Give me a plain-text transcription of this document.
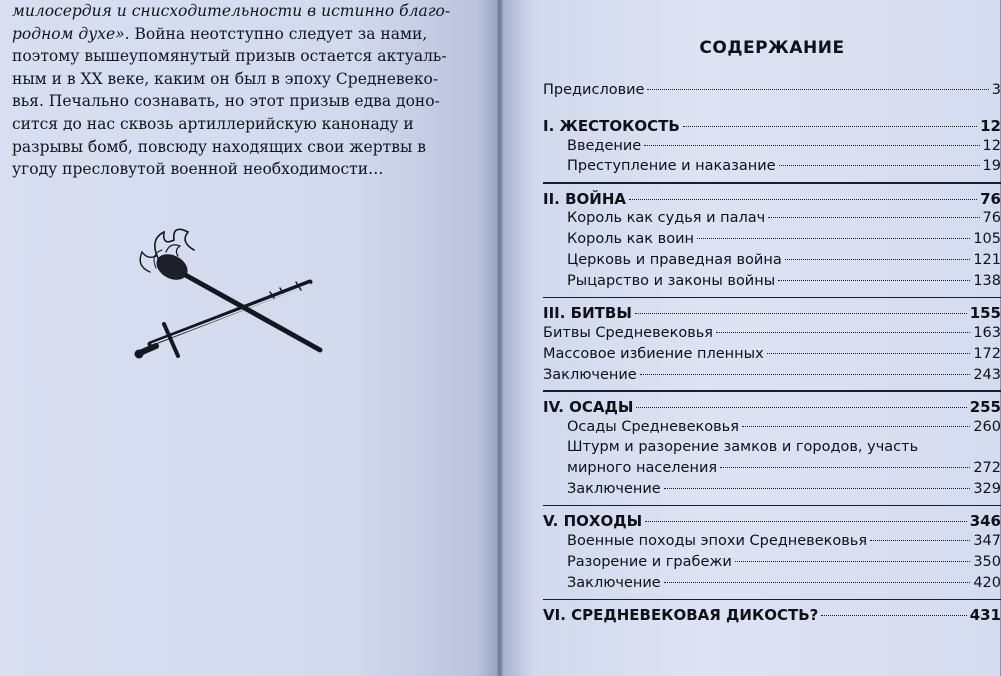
милосердия и снисходительности в истинно благо-

родном духе». Война неотступно следует за нами,

поэтому вышеупомянутый призыв остается актуаль-

ным и в XX веке, каким он был в эпоху Средневеко-

вья. Печально сознавать, но этот призыв едва доно-

сится до нас сквозь артиллерийскую канонаду и

разрывы бомб, повсюду находящих свои жертвы в

угоду пресловутой военной необходимости…

СОДЕРЖАНИЕ
Предисловие	3
I. ЖЕСТОКОСТЬ	12
Введение	12
Преступление и наказание	19
II. ВОЙНА	76
Король как судья и палач	76
Король как воин	105
Церковь и праведная война	121
Рыцарство и законы войны	138
III. БИТВЫ	155
Битвы Средневековья	163
Массовое избиение пленных	172
Заключение	243
IV. ОСАДЫ	255
Осады Средневековья	260
Штурм и разорение замков и городов, участь
мирного населения	272
Заключение	329
V. ПОХОДЫ	346
Военные походы эпохи Средневековья	347
Разорение и грабежи	350
Заключение	420
VI. СРЕДНЕВЕКОВАЯ ДИКОСТЬ?	431
